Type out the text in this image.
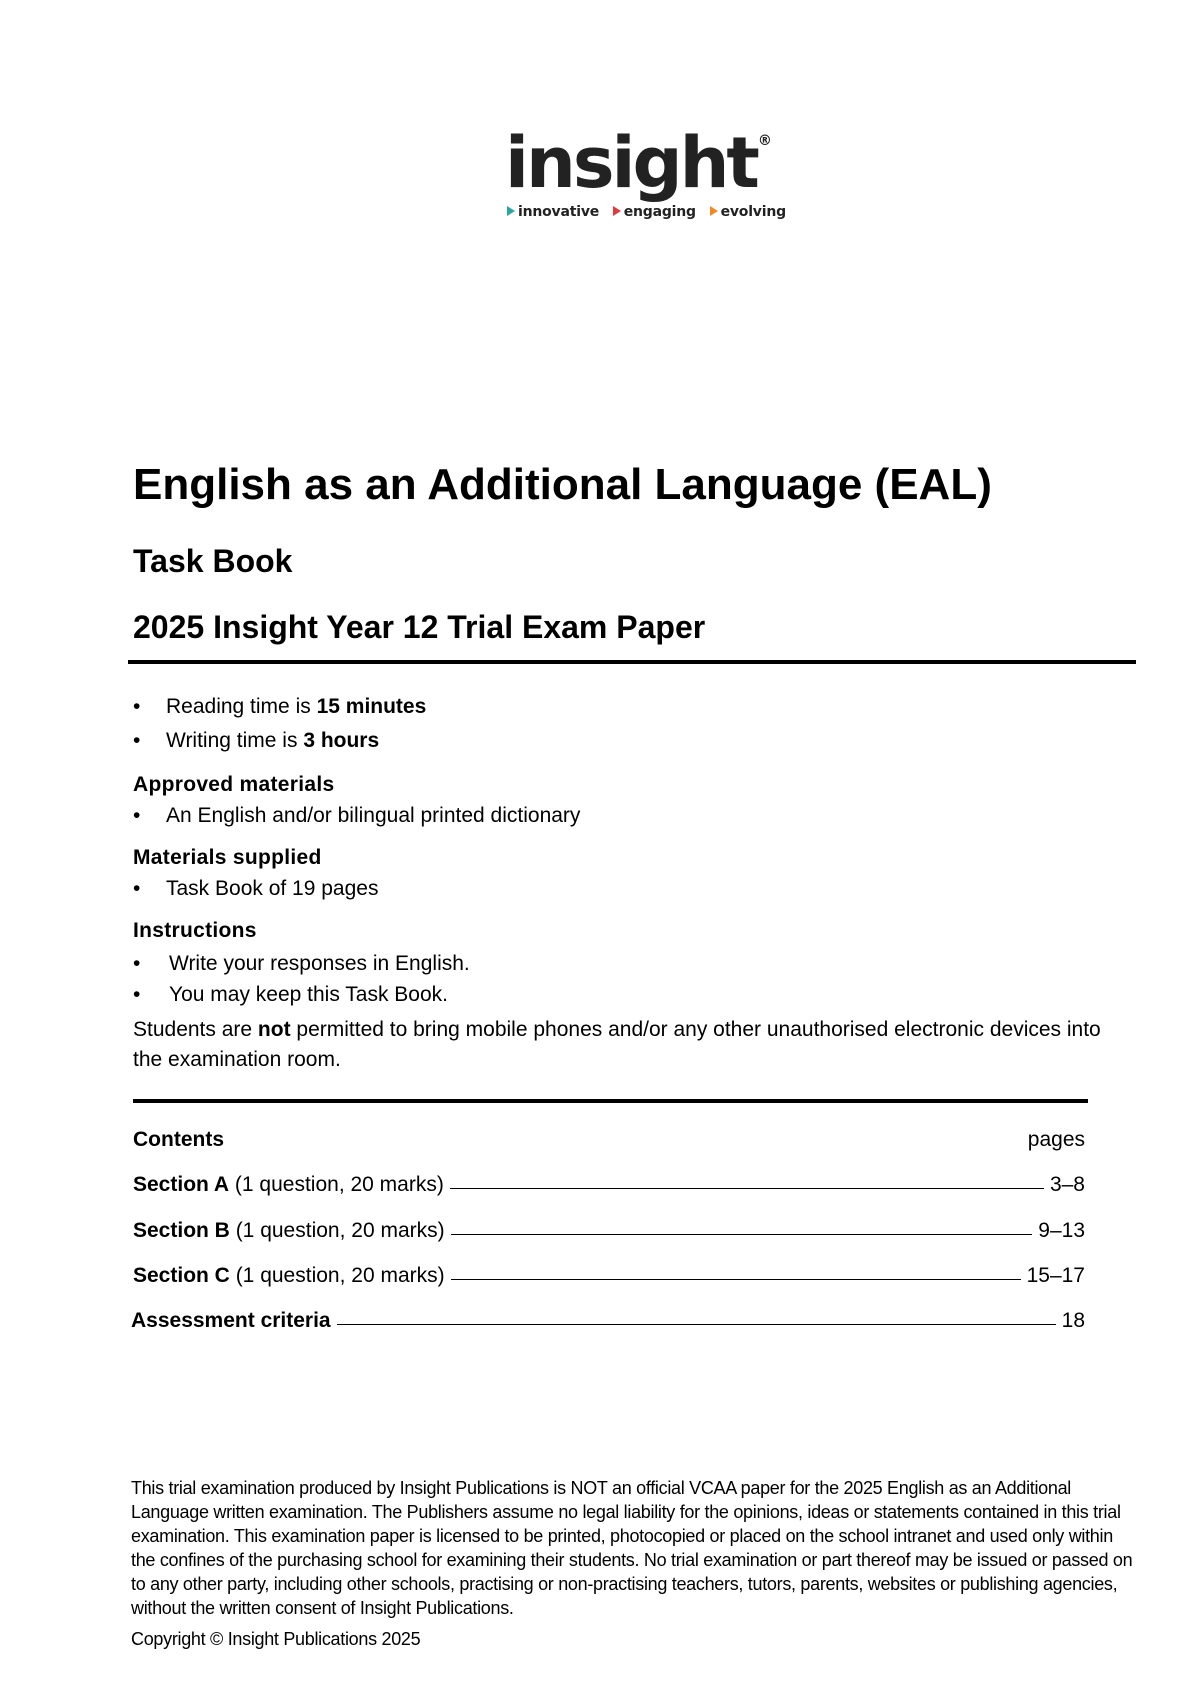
insight®
innovative engaging evolving
English as an Additional Language (EAL)
Task Book
2025 Insight Year 12 Trial Exam Paper
• Reading time is 15 minutes
• Writing time is 3 hours
Approved materials
• An English and/or bilingual printed dictionary
Materials supplied
• Task Book of 19 pages
Instructions
• Write your responses in English.
• You may keep this Task Book.
Students are not permitted to bring mobile phones and/or any other unauthorised electronic devices into the examination room.
Contents	pages
Section A (1 question, 20 marks)	3–8
Section B (1 question, 20 marks)	9–13
Section C (1 question, 20 marks)	15–17
Assessment criteria	18
This trial examination produced by Insight Publications is NOT an official VCAA paper for the 2025 English as an Additional Language written examination. The Publishers assume no legal liability for the opinions, ideas or statements contained in this trial examination. This examination paper is licensed to be printed, photocopied or placed on the school intranet and used only within the confines of the purchasing school for examining their students. No trial examination or part thereof may be issued or passed on to any other party, including other schools, practising or non-practising teachers, tutors, parents, websites or publishing agencies, without the written consent of Insight Publications.
Copyright © Insight Publications 2025
